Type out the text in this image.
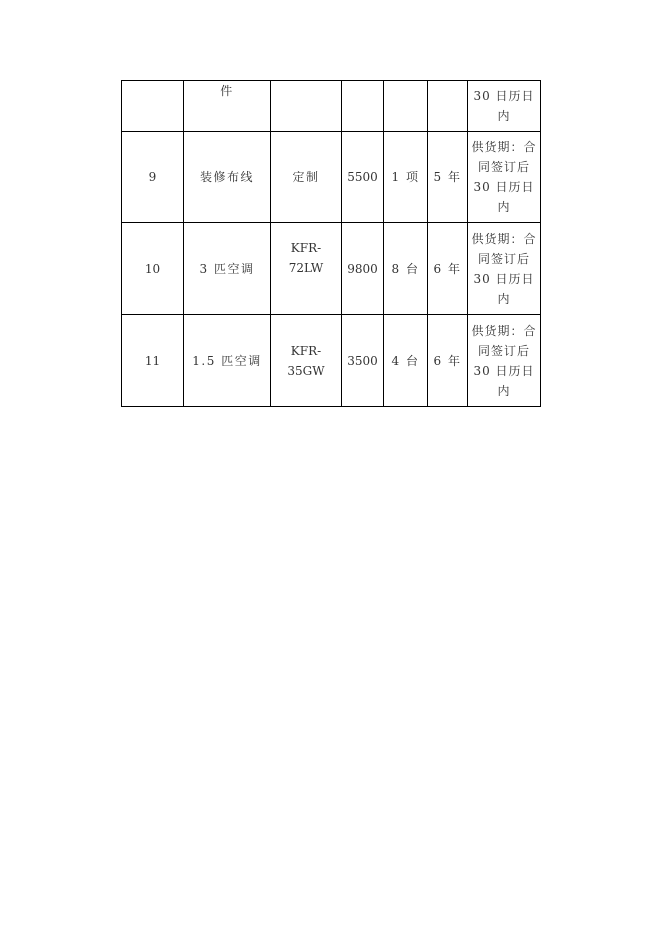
	件					30 日历日
内

9	装修布线	定制	5500	1 项	5 年	供货期：合
同签订后
30 日历日
内

10	3 匹空调	KFR-72LW	9800	8 台	6 年	供货期：合
同签订后
30 日历日
内

11	1.5 匹空调	KFR-35GW	3500	4 台	6 年	供货期：合
同签订后
30 日历日
内
